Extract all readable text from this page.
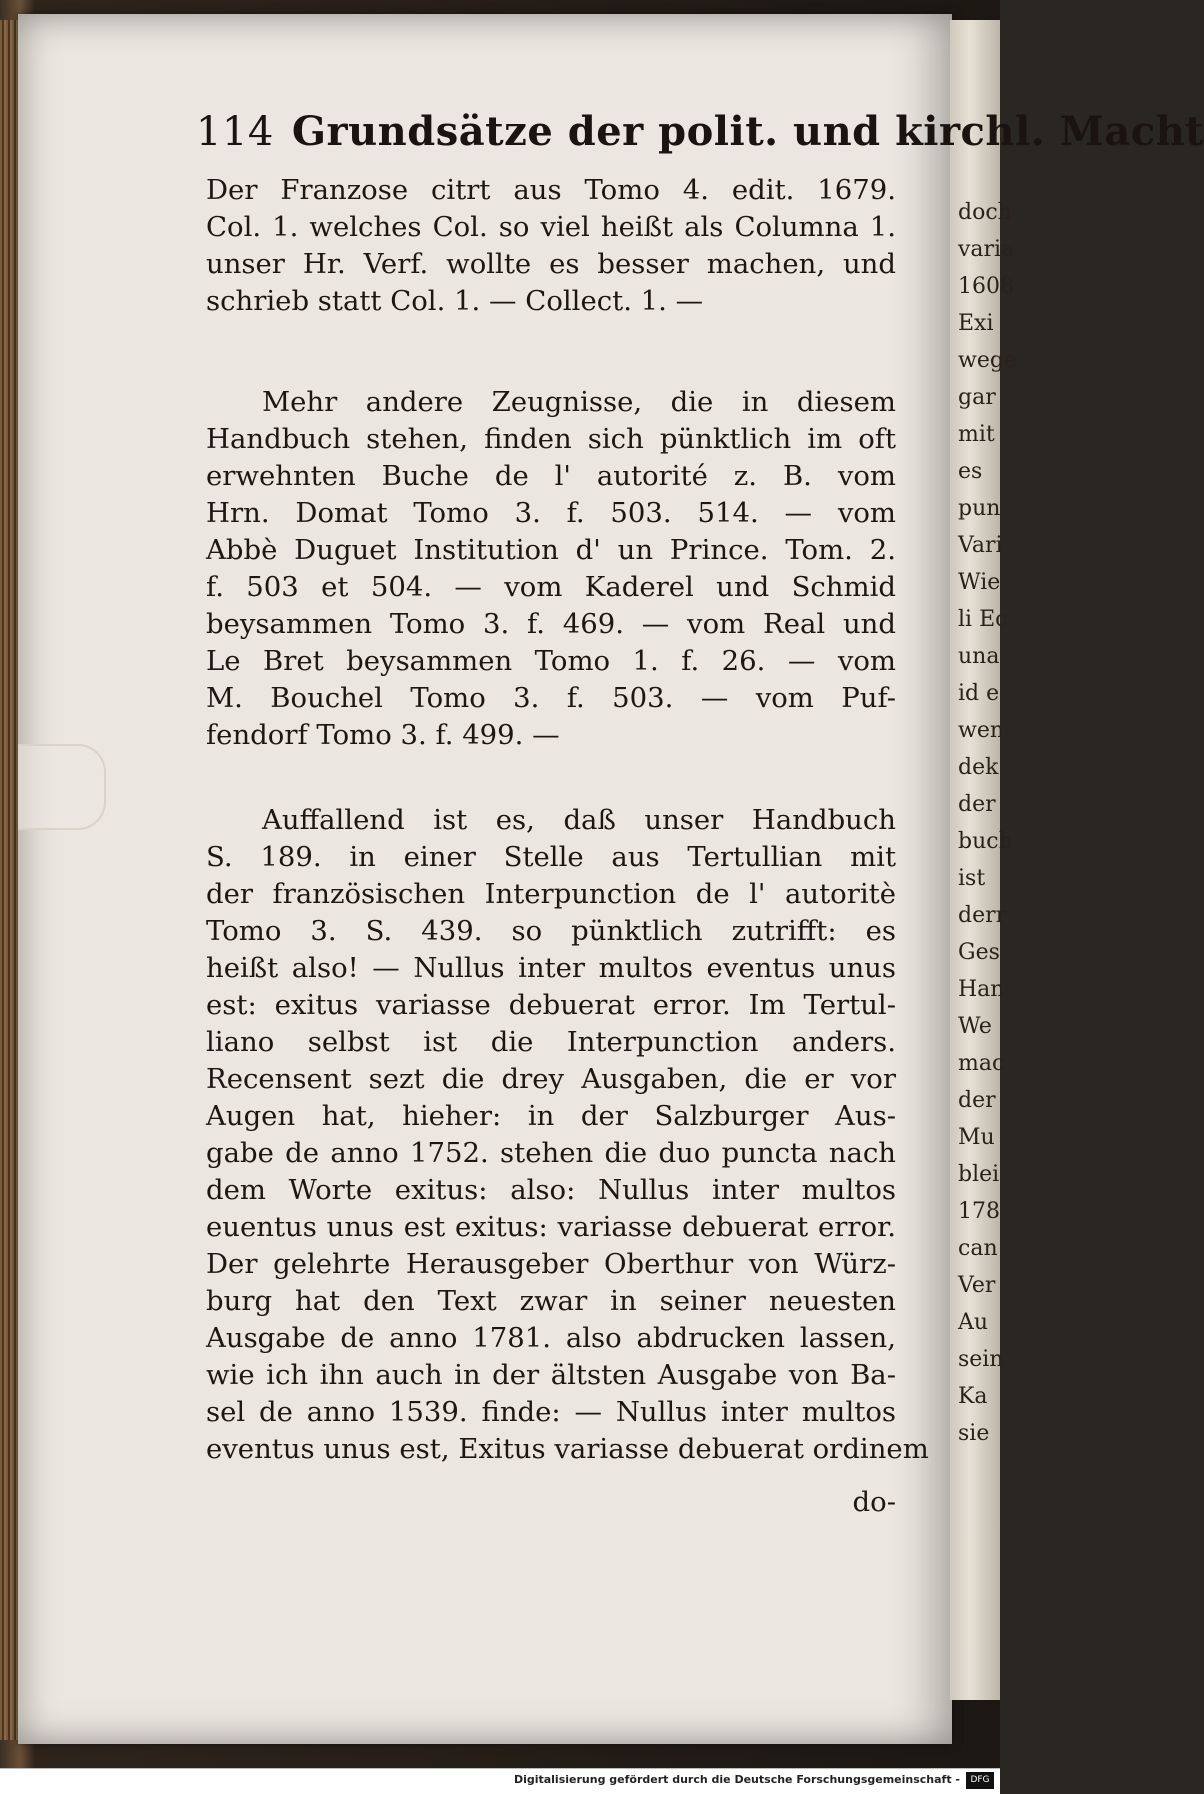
doch
varia
1608
Exi
wege
gar
mit
es
pun
Vari
Wie
li Ec
una
id e
wen
dek
der
buch
ist
derr
Ges
Han
We
mac
der
Mu
blei
178
can
Ver
Au
sein
Ka
sie
114 Grundsätze der polit. und kirchl. Macht
Der Franzose citrt aus Tomo 4. edit. 1679.
Col. 1. welches Col. so viel heißt als Columna 1.
unser Hr. Verf. wollte es besser machen, und
schrieb statt Col. 1. — Collect. 1. —
Mehr andere Zeugnisse, die in diesem
Handbuch stehen, finden sich pünktlich im oft
erwehnten Buche de l' autorité z. B. vom
Hrn. Domat Tomo 3. f. 503. 514. — vom
Abbè Duguet Institution d' un Prince. Tom. 2.
f. 503 et 504. — vom Kaderel und Schmid
beysammen Tomo 3. f. 469. — vom Real und
Le Bret beysammen Tomo 1. f. 26. — vom
M. Bouchel Tomo 3. f. 503. — vom Puf-
fendorf Tomo 3. f. 499. —
Auffallend ist es, daß unser Handbuch
S. 189. in einer Stelle aus Tertullian mit
der französischen Interpunction de l' autoritè
Tomo 3. S. 439. so pünktlich zutrifft: es
heißt also! — Nullus inter multos eventus unus
est: exitus variasse debuerat error. Im Tertul-
liano selbst ist die Interpunction anders.
Recensent sezt die drey Ausgaben, die er vor
Augen hat, hieher: in der Salzburger Aus-
gabe de anno 1752. stehen die duo puncta nach
dem Worte exitus: also: Nullus inter multos
euentus unus est exitus: variasse debuerat error.
Der gelehrte Herausgeber Oberthur von Würz-
burg hat den Text zwar in seiner neuesten
Ausgabe de anno 1781. also abdrucken lassen,
wie ich ihn auch in der ältsten Ausgabe von Ba-
sel de anno 1539. finde: — Nullus inter multos
eventus unus est, Exitus variasse debuerat ordinem
do-
Digitalisierung gefördert durch die Deutsche Forschungsgemeinschaft -	DFG
